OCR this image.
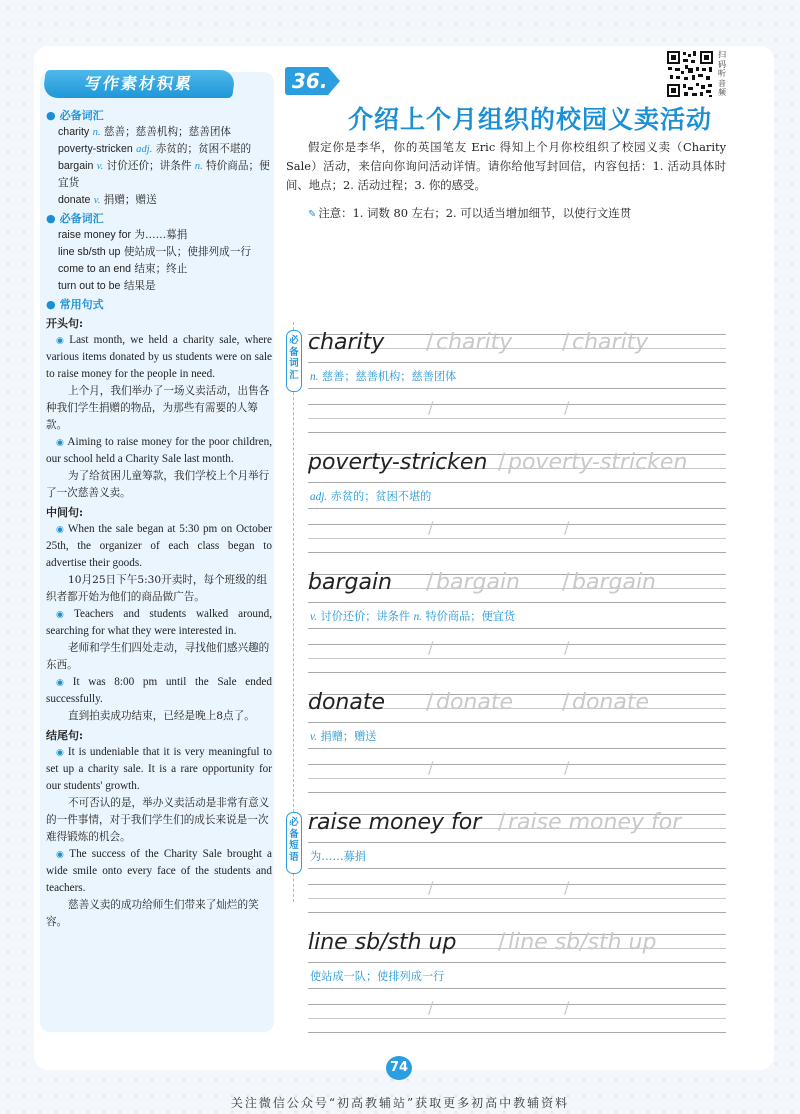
写作素材积累
● 必备词汇
charity n. 慈善；慈善机构；慈善团体
poverty-stricken adj. 赤贫的；贫困不堪的
bargain v. 讨价还价；讲条件 n. 特价商品；便宜货
donate v. 捐赠；赠送
● 必备词汇
raise money for 为……募捐
line sb/sth up 使站成一队；使排列成一行
come to an end 结束；终止
turn out to be 结果是
● 常用句式
开头句:
◉ Last month, we held a charity sale, where various items donated by us students were on sale to raise money for the people in need.
上个月，我们举办了一场义卖活动，出售各种我们学生捐赠的物品，为那些有需要的人筹款。
◉ Aiming to raise money for the poor children, our school held a Charity Sale last month.
为了给贫困儿童筹款，我们学校上个月举行了一次慈善义卖。
中间句:
◉ When the sale began at 5:30 pm on October 25th, the organizer of each class began to advertise their goods.
10月25日下午5:30开卖时，每个班级的组织者都开始为他们的商品做广告。
◉ Teachers and students walked around, searching for what they were interested in.
老师和学生们四处走动，寻找他们感兴趣的东西。
◉ It was 8:00 pm until the Sale ended successfully.
直到拍卖成功结束，已经是晚上8点了。
结尾句:
◉ It is undeniable that it is very meaningful to set up a charity sale. It is a rare opportunity for our students' growth.
不可否认的是，举办义卖活动是非常有意义的一件事情，对于我们学生们的成长来说是一次难得锻炼的机会。
◉ The success of the Charity Sale brought a wide smile onto every face of the students and teachers.
慈善义卖的成功给师生们带来了灿烂的笑容。
36.
扫码听音频
介绍上个月组织的校园义卖活动
假定你是李华，你的英国笔友 Eric 得知上个月你校组织了校园义卖（Charity Sale）活动，来信向你询问活动详情。请你给他写封回信，内容包括：1. 活动具体时间、地点；2. 活动过程；3. 你的感受。
✎ 注意：1. 词数 80 左右；2. 可以适当增加细节，以使行文连贯
必备词汇
必备短语
charity / charity / charity
n. 慈善；慈善机构；慈善团体
/	/
poverty-stricken / poverty-stricken
adj. 赤贫的；贫困不堪的
/	/
bargain / bargain / bargain
v. 讨价还价；讲条件 n. 特价商品；便宜货
/	/
donate / donate / donate
v. 捐赠；赠送
/	/
raise money for / raise money for
为……募捐
/	/
line sb/sth up / line sb/sth up
使站成一队；使排列成一行
/	/
74
关注微信公众号“初高教辅站”获取更多初高中教辅资料
